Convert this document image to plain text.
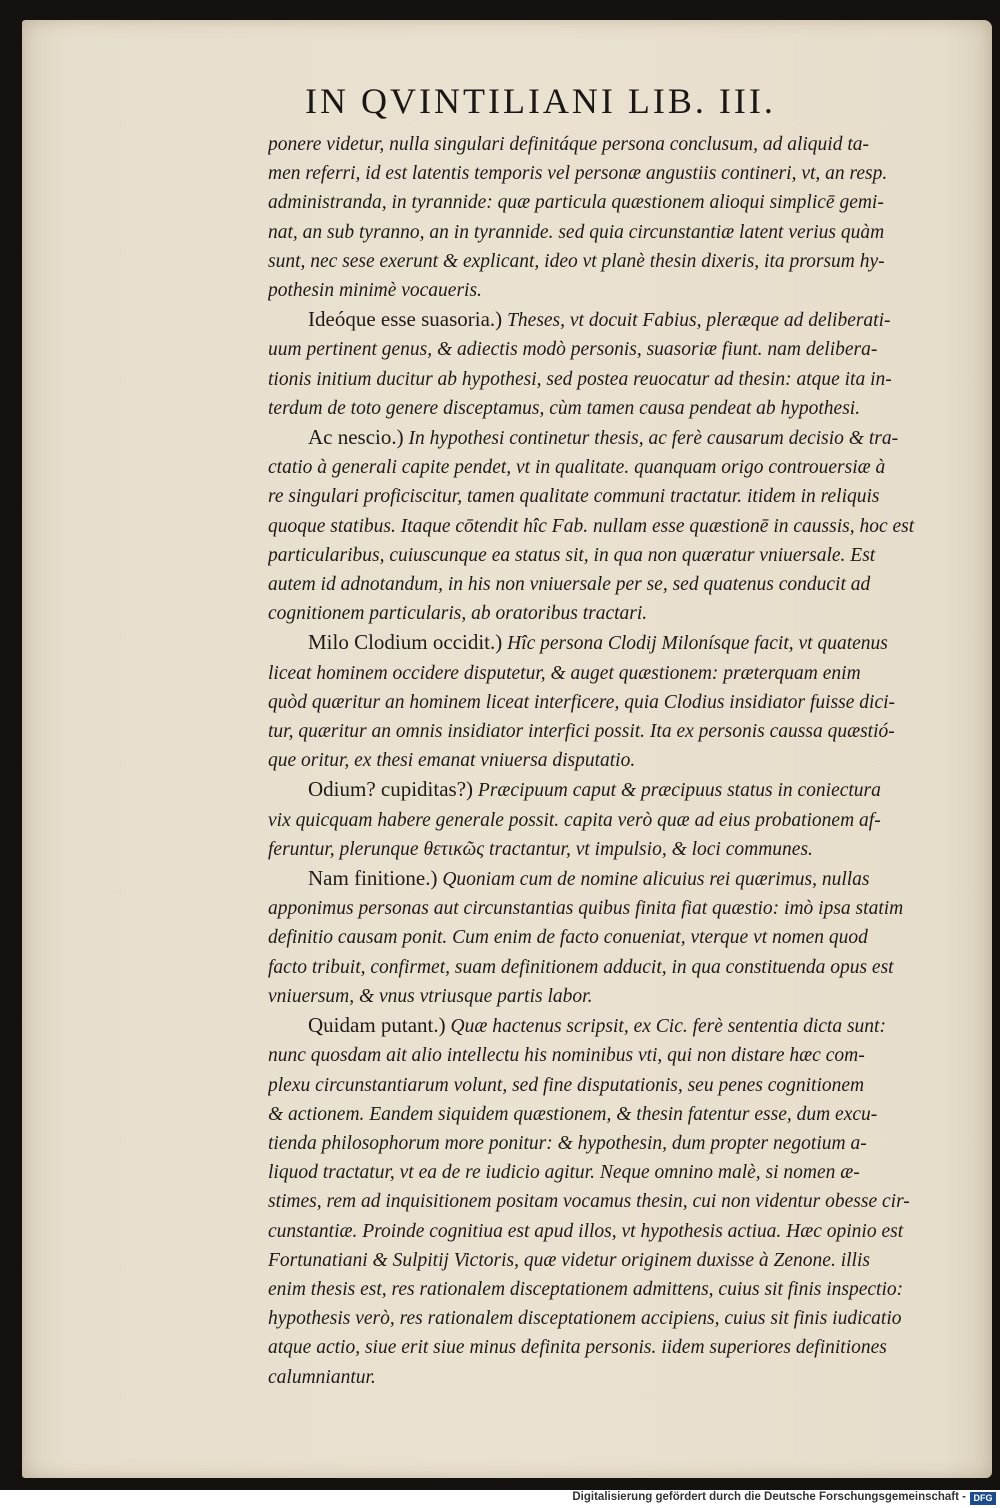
IN QVINTILIANI LIB. III.
ponere videtur, nulla singulari definitáque persona conclusum, ad aliquid ta-
men referri, id est latentis temporis vel personæ angustiis contineri, vt, an resp.
administranda, in tyrannide: quæ particula quæstionem alioqui simplicē gemi-
nat, an sub tyranno, an in tyrannide. sed quia circunstantiæ latent verius quàm
sunt, nec sese exerunt & explicant, ideo vt planè thesin dixeris, ita prorsum hy-
pothesin minimè vocaueris.
Ideóque esse suasoria.) Theses, vt docuit Fabius, pleræque ad deliberati-
uum pertinent genus, & adiectis modò personis, suasoriæ fiunt. nam delibera-
tionis initium ducitur ab hypothesi, sed postea reuocatur ad thesin: atque ita in-
terdum de toto genere disceptamus, cùm tamen causa pendeat ab hypothesi.
Ac nescio.) In hypothesi continetur thesis, ac ferè causarum decisio & tra-
ctatio à generali capite pendet, vt in qualitate. quanquam origo controuersiæ à
re singulari proficiscitur, tamen qualitate communi tractatur. itidem in reliquis
quoque statibus. Itaque cōtendit hîc Fab. nullam esse quæstionē in caussis, hoc est
particularibus, cuiuscunque ea status sit, in qua non quæratur vniuersale. Est
autem id adnotandum, in his non vniuersale per se, sed quatenus conducit ad
cognitionem particularis, ab oratoribus tractari.
Milo Clodium occidit.) Hîc persona Clodij Milonísque facit, vt quatenus
liceat hominem occidere disputetur, & auget quæstionem: præterquam enim
quòd quæritur an hominem liceat interficere, quia Clodius insidiator fuisse dici-
tur, quæritur an omnis insidiator interfici possit. Ita ex personis caussa quæstió-
que oritur, ex thesi emanat vniuersa disputatio.
Odium? cupiditas?) Præcipuum caput & præcipuus status in coniectura
vix quicquam habere generale possit. capita verò quæ ad eius probationem af-
feruntur, plerunque θετικῶς tractantur, vt impulsio, & loci communes.
Nam finitione.) Quoniam cum de nomine alicuius rei quærimus, nullas
apponimus personas aut circunstantias quibus finita fiat quæstio: imò ipsa statim
definitio causam ponit. Cum enim de facto conueniat, vterque vt nomen quod
facto tribuit, confirmet, suam definitionem adducit, in qua constituenda opus est
vniuersum, & vnus vtriusque partis labor.
Quidam putant.) Quæ hactenus scripsit, ex Cic. ferè sententia dicta sunt:
nunc quosdam ait alio intellectu his nominibus vti, qui non distare hæc com-
plexu circunstantiarum volunt, sed fine disputationis, seu penes cognitionem
& actionem. Eandem siquidem quæstionem, & thesin fatentur esse, dum excu-
tienda philosophorum more ponitur: & hypothesin, dum propter negotium a-
liquod tractatur, vt ea de re iudicio agitur. Neque omnino malè, si nomen æ-
stimes, rem ad inquisitionem positam vocamus thesin, cui non videntur obesse cir-
cunstantiæ. Proinde cognitiua est apud illos, vt hypothesis actiua. Hæc opinio est
Fortunatiani & Sulpitij Victoris, quæ videtur originem duxisse à Zenone. illis
enim thesis est, res rationalem disceptationem admittens, cuius sit finis inspectio:
hypothesis verò, res rationalem disceptationem accipiens, cuius sit finis iudicatio
atque actio, siue erit siue minus definita personis. iidem superiores definitiones
calumniantur.
Digitalisierung gefördert durch die Deutsche Forschungsgemeinschaft - DFG
